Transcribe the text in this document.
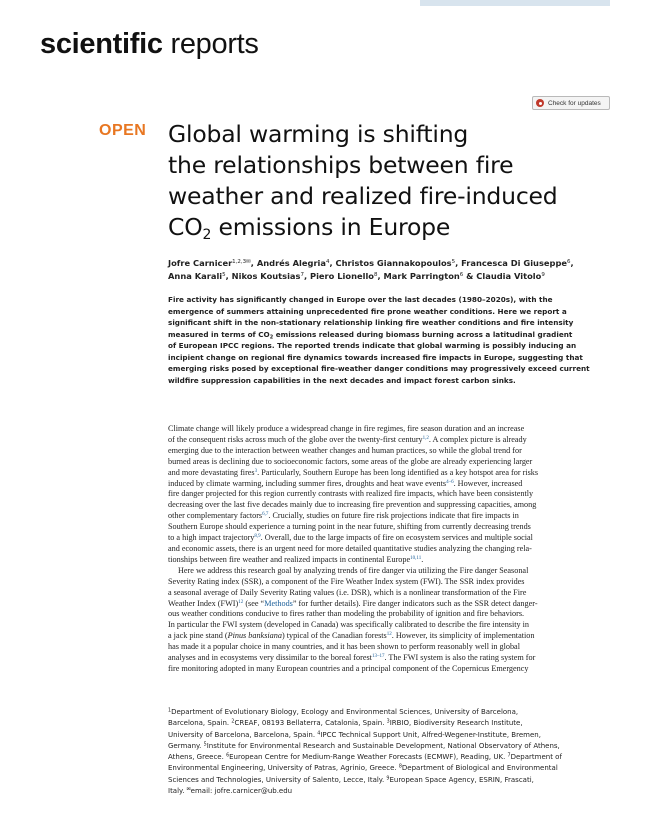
scientific reports
Check for updates
OPEN Global warming is shifting
the relationships between fire
weather and realized fire-induced
$CO_2$ emissions in Europe
Jofre Carnicer$^{1,2,3✉}$, Andrés Alegria$^4$, Christos Giannakopoulos$^5$, Francesca Di Giuseppe$^6$,
Anna Karali$^5$, Nikos Koutsias$^7$, Piero Lionello$^8$, Mark Parrington$^6$ & Claudia Vitolo$^9$
Fire activity has significantly changed in Europe over the last decades (1980–2020s), with the
emergence of summers attaining unprecedented fire prone weather conditions. Here we report a
significant shift in the non-stationary relationship linking fire weather conditions and fire intensity
measured in terms of $CO_2$ emissions released during biomass burning across a latitudinal gradient
of European IPCC regions. The reported trends indicate that global warming is possibly inducing an
incipient change on regional fire dynamics towards increased fire impacts in Europe, suggesting that
emerging risks posed by exceptional fire-weather danger conditions may progressively exceed current
wildfire suppression capabilities in the next decades and impact forest carbon sinks.
Climate change will likely produce a widespread change in fire regimes, fire season duration and an increase
of the consequent risks across much of the globe over the twenty-first century$^{1,2}$. A complex picture is already
emerging due to the interaction between weather changes and human practices, so while the global trend for
burned areas is declining due to socioeconomic factors, some areas of the globe are already experiencing larger
and more devastating fires$^3$. Particularly, Southern Europe has been long identified as a key hotspot area for risks
induced by climate warming, including summer fires, droughts and heat wave events$^{4-6}$. However, increased
fire danger projected for this region currently contrasts with realized fire impacts, which have been consistently
decreasing over the last five decades mainly due to increasing fire prevention and suppressing capacities, among
other complementary factors$^{6,7}$. Crucially, studies on future fire risk projections indicate that fire impacts in
Southern Europe should experience a turning point in the near future, shifting from currently decreasing trends
to a high impact trajectory$^{8,9}$. Overall, due to the large impacts of fire on ecosystem services and multiple social
and economic assets, there is an urgent need for more detailed quantitative studies analyzing the changing rela-
tionships between fire weather and realized impacts in continental Europe$^{10,11}$.
Here we address this research goal by analyzing trends of fire danger via utilizing the Fire danger Seasonal
Severity Rating index (SSR), a component of the Fire Weather Index system (FWI). The SSR index provides
a seasonal average of Daily Severity Rating values (i.e. DSR), which is a nonlinear transformation of the Fire
Weather Index (FWI)$^{12}$ (see “Methods” for further details). Fire danger indicators such as the SSR detect danger-
ous weather conditions conducive to fires rather than modeling the probability of ignition and fire behaviors.
In particular the FWI system (developed in Canada) was specifically calibrated to describe the fire intensity in
a jack pine stand (Pinus banksiana) typical of the Canadian forests$^{12}$. However, its simplicity of implementation
has made it a popular choice in many countries, and it has been shown to perform reasonably well in global
analyses and in ecosystems very dissimilar to the boreal forest$^{13-17}$. The FWI system is also the rating system for
fire monitoring adopted in many European countries and a principal component of the Copernicus Emergency
$^1$Department of Evolutionary Biology, Ecology and Environmental Sciences, University of Barcelona,
Barcelona, Spain. $^2$CREAF, 08193 Bellaterra, Catalonia, Spain. $^3$IRBIO, Biodiversity Research Institute,
University of Barcelona, Barcelona, Spain. $^4$IPCC Technical Support Unit, Alfred-Wegener-Institute, Bremen,
Germany. $^5$Institute for Environmental Research and Sustainable Development, National Observatory of Athens,
Athens, Greece. $^6$European Centre for Medium-Range Weather Forecasts (ECMWF), Reading, UK. $^7$Department of
Environmental Engineering, University of Patras, Agrinio, Greece. $^8$Department of Biological and Environmental
Sciences and Technologies, University of Salento, Lecce, Italy. $^9$European Space Agency, ESRIN, Frascati,
Italy. ✉email: jofre.carnicer@ub.edu
